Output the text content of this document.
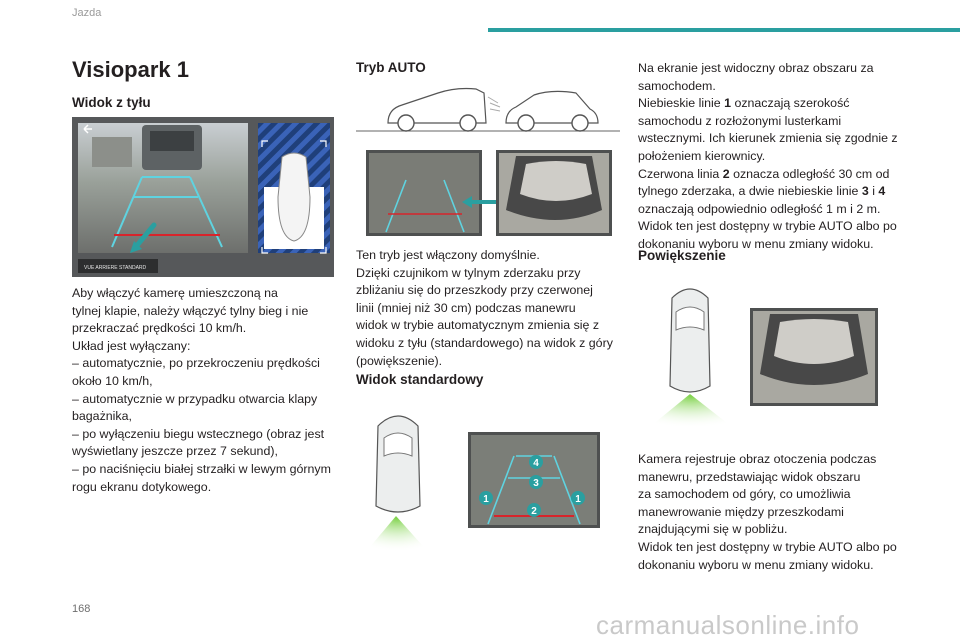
Jazda
Visiopark 1
Widok z tyłu
VUE ARRIERE STANDARD
Aby włączyć kamerę umieszczoną na
tylnej klapie, należy włączyć tylny bieg i nie
przekraczać prędkości 10 km/h.
Układ jest wyłączany:
– automatycznie, po przekroczeniu prędkości
około 10 km/h,
– automatycznie w przypadku otwarcia klapy
bagażnika,
– po wyłączeniu biegu wstecznego (obraz jest
wyświetlany jeszcze przez 7 sekund),
– po naciśnięciu białej strzałki w lewym górnym
rogu ekranu dotykowego.
Tryb AUTO
Ten tryb jest włączony domyślnie.
Dzięki czujnikom w tylnym zderzaku przy
zbliżaniu się do przeszkody przy czerwonej
linii (mniej niż 30 cm) podczas manewru
widok w trybie automatycznym zmienia się z
widoku z tyłu (standardowego) na widok z góry
(powiększenie).
Widok standardowy
4
3
1	1
2
Na ekranie jest widoczny obraz obszaru za
samochodem.
Niebieskie linie 1 oznaczają szerokość
samochodu z rozłożonymi lusterkami
wstecznymi. Ich kierunek zmienia się zgodnie z
położeniem kierownicy.
Czerwona linia 2 oznacza odległość 30 cm od
tylnego zderzaka, a dwie niebieskie linie 3 i 4
oznaczają odpowiednio odległość 1 m i 2 m.
Widok ten jest dostępny w trybie AUTO albo po
dokonaniu wyboru w menu zmiany widoku.
Powiększenie
Kamera rejestruje obraz otoczenia podczas
manewru, przedstawiając widok obszaru
za samochodem od góry, co umożliwia
manewrowanie między przeszkodami
znajdującymi się w pobliżu.
Widok ten jest dostępny w trybie AUTO albo po
dokonaniu wyboru w menu zmiany widoku.
168
carmanualsonline.info
